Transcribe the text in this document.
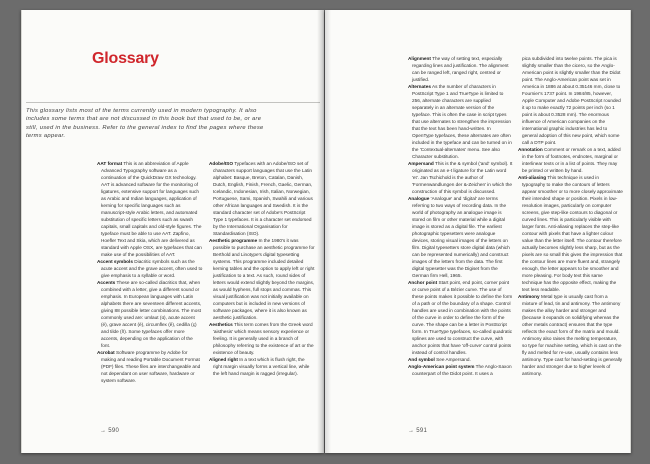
Glossary
This glossary lists most of the terms currently used in modern typography. It also
includes some terms that are not discussed in this book but that used to be, or are
still, used in the business. Refer to the general index to find the pages where these
terms appear.
AAT format This is an abbreviation of Apple Advanced Typography software as a continuation of the QuickDraw GX technology. AAT is advanced software for the monitoring of ligatures, extensive support for languages such as Arabic and Indian languages, application of kerning for specific languages such as manuscript-style Arabic letters, and automated substitution of specific letters such as swash capitals, small capitals and old-style figures. The typeface must be able to use AAT. Zapfino, Hoefler Text and Skia, which are delivered as standard with Apple OSX, are typefaces that can make use of the possibilities of AAT.
Accent symbols Diacritic symbols such as the acute accent and the grave accent, often used to give emphasis to a syllable or word.
Accents These are so-called diacritics that, when combined with a letter, give a different sound or emphasis. In European languages with Latin alphabets there are seventeen different accents, giving 88 possible letter combinations. The most commonly used are: umlaut (ü), acute accent (é), grave accent (è), circumflex (ê), cedilla (ç) and tilde (ñ). Some typefaces offer more accents, depending on the application of the font.
Acrobat Software programme by Adobe for making and reading Portable Document Format (PDF) files. These files are interchangeable and not dependant on user software, hardware or system software.
Adobe/ISO Typefaces with an Adobe/ISO set of characters support languages that use the Latin alphabet: Basque, Breton, Catalan, Danish, Dutch, English, Finish, French, Gaelic, German, Icelandic, Indonesian, Irish, Italian, Norwegian, Portuguese, Sami, Spanish, Swahili and various other African languages and Swedish. It is the standard character set of Adobe's PostScript Type 1 typefaces. It is a character set endorsed by the International Organisation for Standardisation (ISO).
Aesthetic programme In the 1980's it was possible to purchase an aesthetic programme for Berthold and Linotype's digital typesetting systems. This programme included detailed kerning tables and the option to apply left or right justification to a text. As such, round sides of letters would extend slightly beyond the margins, as would hyphens, full stops and commas. This visual justification was not initially available on computers but is included in new versions of software packages, where it is also known as aesthetic justification.
Aesthetics This term comes from the Greek word 'aisthesis' which means sensory experience or feeling. It is generally used in a branch of philosophy referring to the existence of art or the existence of beauty.
Aligned right In a text which is flush right, the right margin visually forms a vertical line, while the left hand margin is ragged (irregular).
→ 590
Alignment The way of setting text, especially regarding lines and justification. The alignment can be ranged left, ranged right, centred or justified.
Alternates As the number of characters in PostScript Type 1 and TrueType is limited to 256, alternate characters are supplied separately in an alternate version of the typeface. This is often the case in script types that use alternates to strengthen the impression that the text has been hand-written. In OpenType typefaces, these alternates are often included in the typeface and can be turned on in the 'Contextual-alternates' menu. See also Character substitution.
Ampersand This is the & symbol ('and' symbol). It originated as an e-t ligature for the Latin word 'et'. Jan Tschichold is the author of 'Formenwandlungen der &-Zeichen' in which the construction of this symbol is discussed.
Analogue 'Analogue' and 'digital' are terms referring to two ways of recording data. In the world of photography an analogue image is stored on film or other material while a digital image is stored as a digital file. The earliest photographic typesetters were analogue devices, storing visual images of the letters on film. Digital typesetters store digital data (which can be represented numerically) and construct images of the letters from the data. The first digital typesetter was the Digiset from the German firm Hell, 1965.
Anchor point Start point, end point, corner point or curve point of a Bézier curve. The use of these points makes it possible to define the form of a path or of the boundary of a shape. Control handles are used in combination with the points of the curve in order to define the form of the curve. The shape can be a letter in PostScript form. In TrueType typefaces, so-called quadratic splines are used to construct the curve, with anchor points that have 'off-curve' control points instead of control handles.
And symbol See Ampersand.
Anglo-American point system The Anglo-Saxon counterpart of the Didot point. It uses a
pica subdivided into twelve points. The pica is slightly smaller than the cicero, so the Anglo-American point is slightly smaller than the Didot point. The Anglo-American point was set in America in 1886 at about 0.35146 mm, close to Fournier's 1737 point. In 1984/85, however, Apple Computer and Adobe PostScript rounded it up to make exactly 72 points per inch (so 1 point is about 0.3528 mm). The enormous influence of American companies on the international graphic industries has led to general adoption of this new point, which some call a DTP point.
Annotation Comment or remark on a text, added in the form of footnotes, endnotes, marginal or interlinear texts or in a list of points. They may be printed or written by hand.
Anti-aliasing This technique is used in typography to make the contours of letters appear smoother or to more closely approximate their intended shape or position. Pixels in low-resolution images, particularly on computer screens, give step-like contours to diagonal or curved lines. This is particularly visible with larger fonts. Anti-aliasing replaces the step-like contour with pixels that have a lighter colour value than the letter itself. The contour therefore actually becomes slightly less sharp, but as the pixels are so small this gives the impression that the contour lines are more fluent and, strangely enough, the letter appears to be smoother and more pleasing. For body text this same technique has the opposite effect, making the text less readable.
Antimony Metal type is usually cast from a mixture of lead, tin and antimony. The antimony makes the alloy harder and stronger and (because it expands on solidifying whereas the other metals contract) ensures that the type reflects the exact form of the matrix and mould. Antimony also raises the melting temperature, so type for machine setting, which is cast on the fly and melted for re-use, usually contains less antimony. Type cast for hand-setting is generally harder and stronger due to higher levels of antimony.
→ 591
